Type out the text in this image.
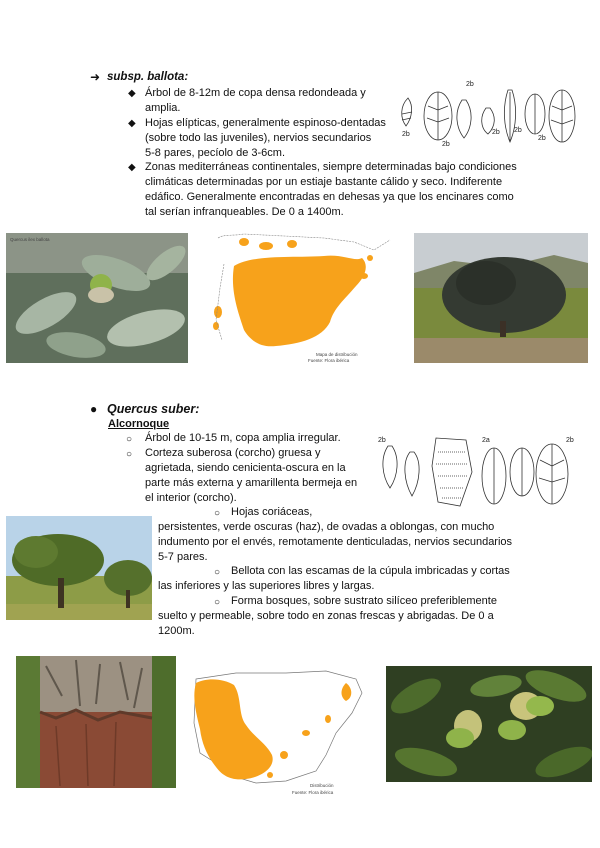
➜ subsp. ballota:
◆ Árbol de 8-12m de copa densa redondeada y
amplia.
◆ Hojas elípticas, generalmente espinoso-dentadas
(sobre todo las juveniles), nervios secundarios
5-8 pares, pecíolo de 3-6cm.
◆ Zonas mediterráneas continentales, siempre determinadas bajo condiciones
climáticas determinadas por un estiaje bastante cálido y seco. Indiferente
edáfico. Generalmente encontradas en dehesas ya que los encinares como
tal serían infranqueables. De 0 a 1400m.
2b
2b
2b
2b 2b
2b
Quercus ilex ballota
Mapa de distribución
Fuente: Flora ibérica
● Quercus suber:
Alcornoque
○ Árbol de 10-15 m, copa amplia irregular.
○ Corteza suberosa (corcho) gruesa y
agrietada, siendo cenicienta-oscura en la
parte más externa y amarillenta bermeja en
el interior (corcho).
○ Hojas coriáceas,
persistentes, verde oscuras (haz), de ovadas a oblongas, con mucho
indumento por el envés, remotamente denticuladas, nervios secundarios
5-7 pares.
○ Bellota con las escamas de la cúpula imbricadas y cortas
las inferiores y las superiores libres y largas.
○ Forma bosques, sobre sustrato silíceo preferiblemente
suelto y permeable, sobre todo en zonas frescas y abrigadas. De 0 a
1200m.
2b	2a	2b
Distribución
Fuente: Flora ibérica
